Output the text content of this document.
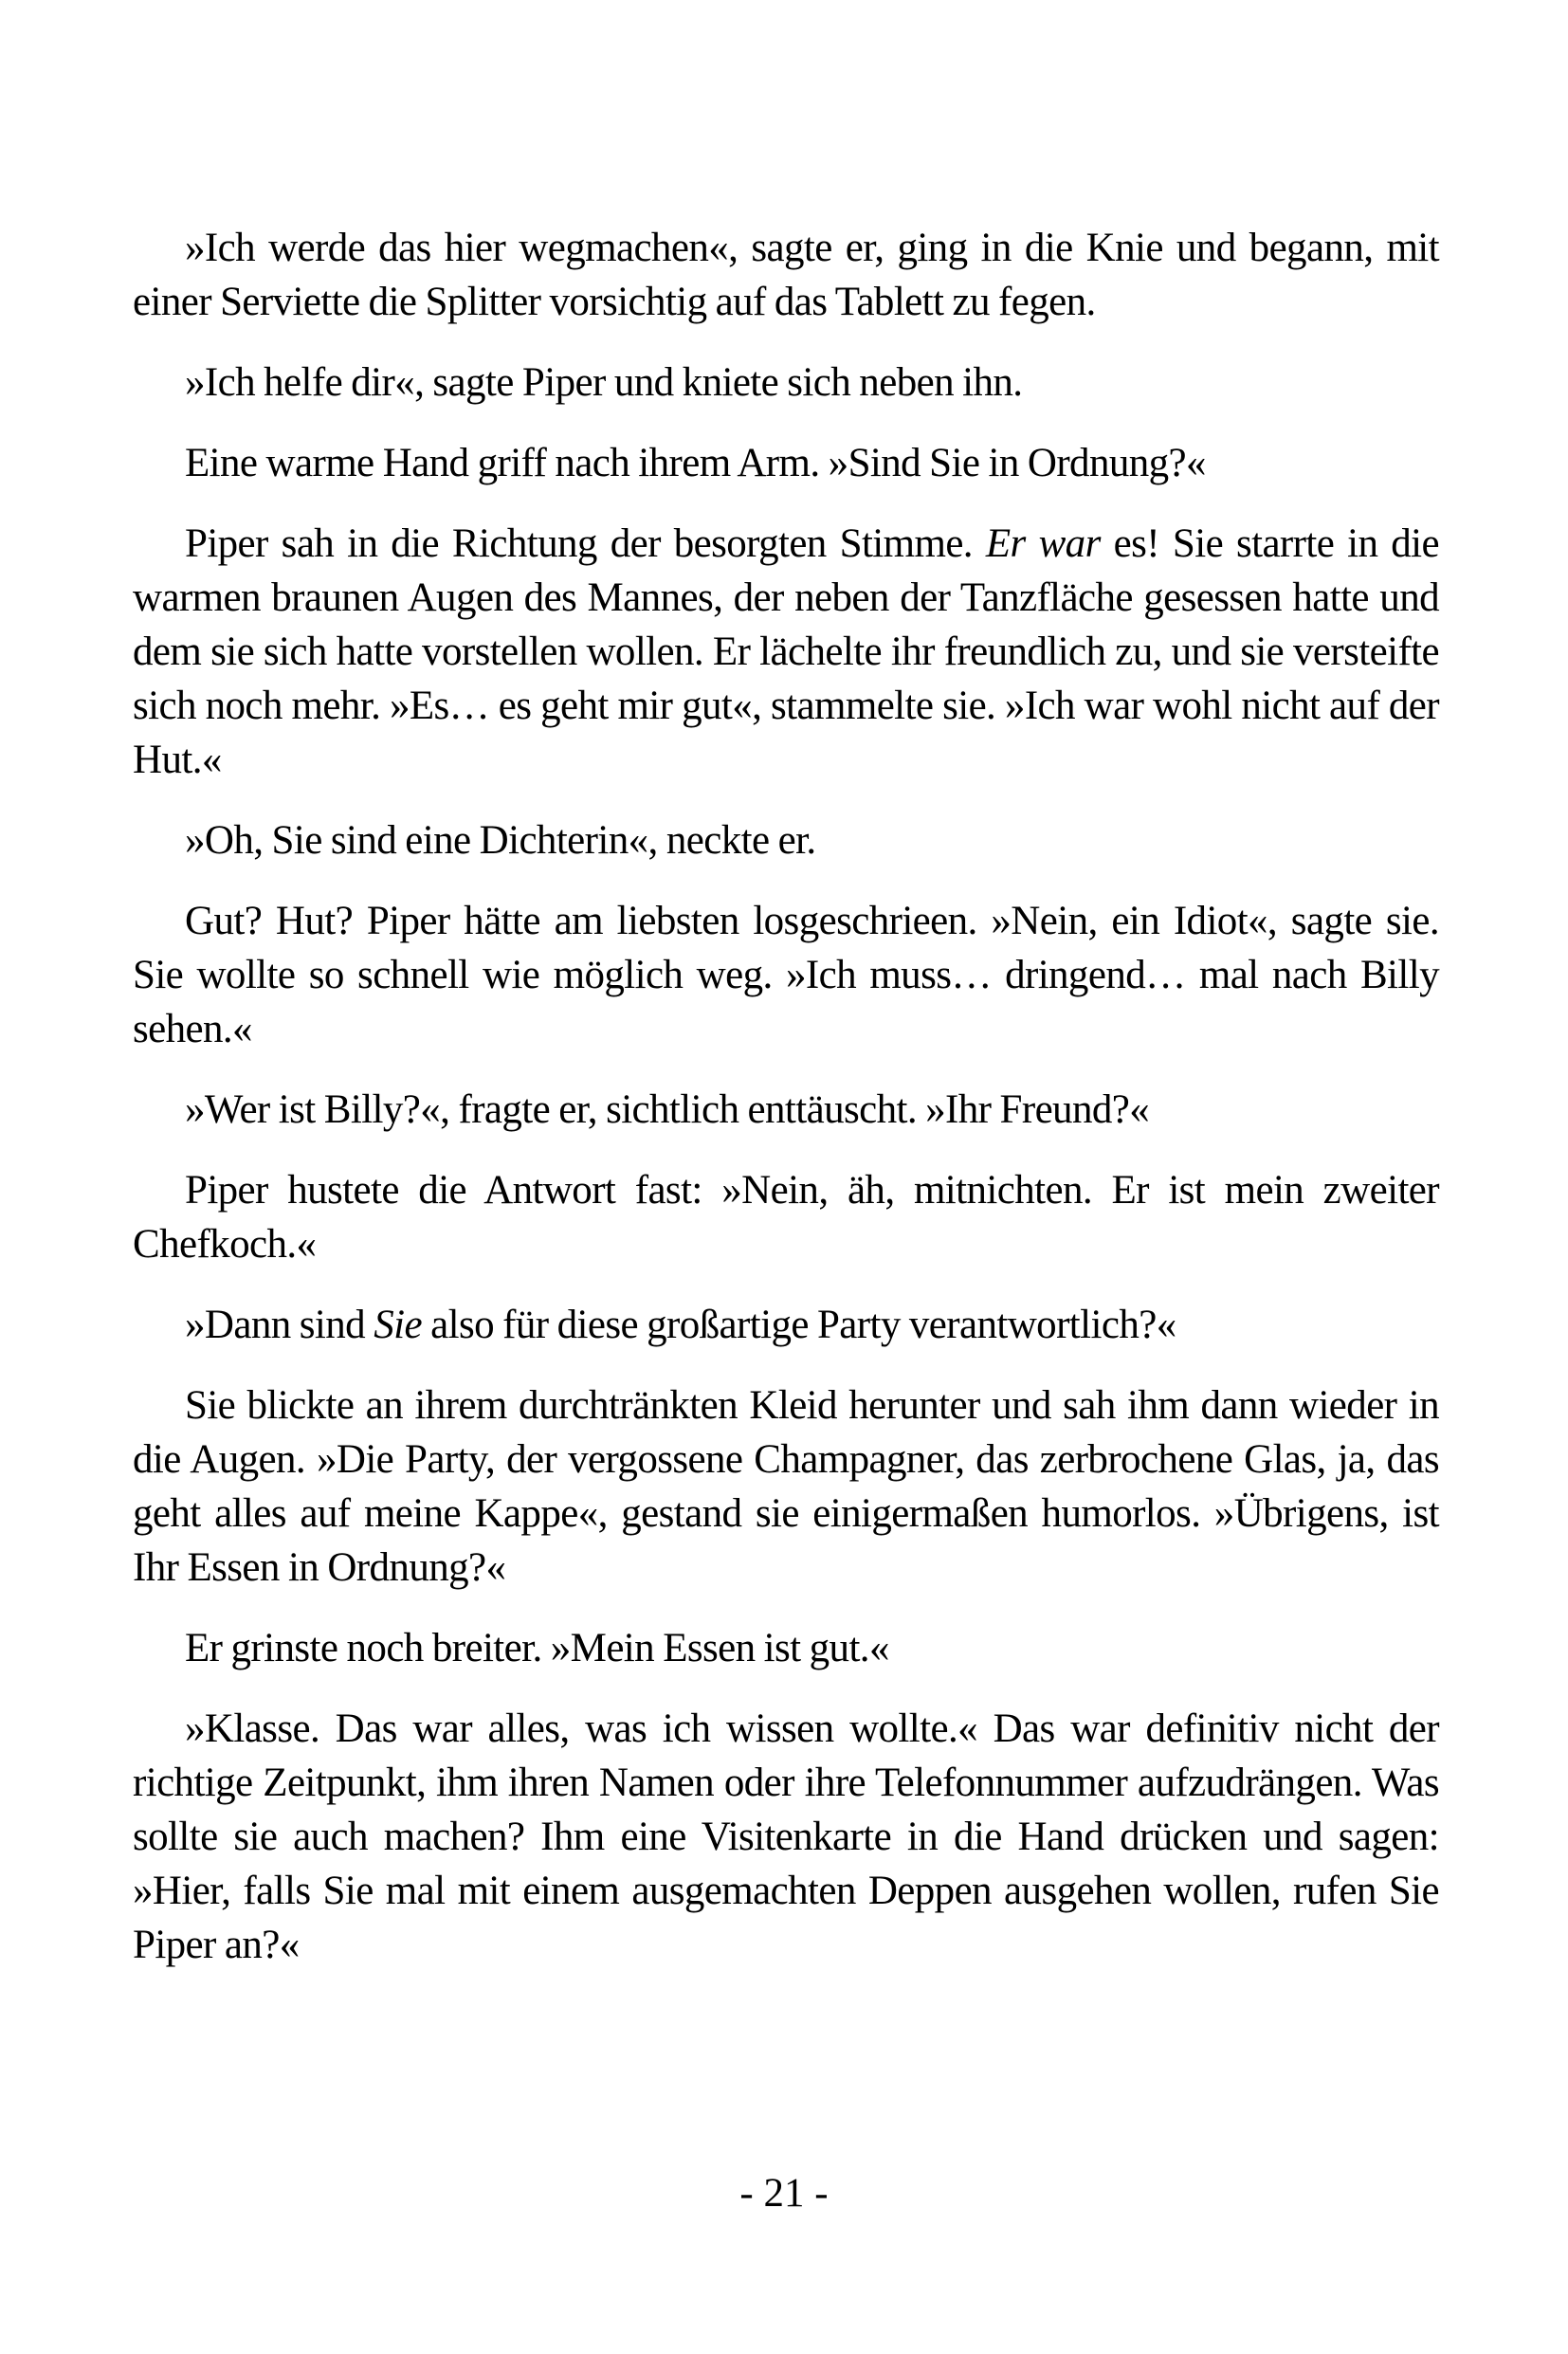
»Ich werde das hier wegmachen«, sagte er, ging in die Knie und begann, mit einer Serviette die Splitter vorsichtig auf das Tablett zu fegen.

»Ich helfe dir«, sagte Piper und kniete sich neben ihn.

Eine warme Hand griff nach ihrem Arm. »Sind Sie in Ordnung?«

Piper sah in die Richtung der besorgten Stimme. Er war es! Sie starrte in die warmen braunen Augen des Mannes, der neben der Tanzfläche gesessen hatte und dem sie sich hatte vorstellen wollen. Er lächelte ihr freundlich zu, und sie versteifte sich noch mehr. »Es… es geht mir gut«, stammelte sie. »Ich war wohl nicht auf der Hut.«

»Oh, Sie sind eine Dichterin«, neckte er.

Gut? Hut? Piper hätte am liebsten losgeschrieen. »Nein, ein Idiot«, sagte sie. Sie wollte so schnell wie möglich weg. »Ich muss… dringend… mal nach Billy sehen.«

»Wer ist Billy?«, fragte er, sichtlich enttäuscht. »Ihr Freund?«

Piper hustete die Antwort fast: »Nein, äh, mitnichten. Er ist mein zweiter Chefkoch.«

»Dann sind Sie also für diese großartige Party verantwortlich?«

Sie blickte an ihrem durchtränkten Kleid herunter und sah ihm dann wieder in die Augen. »Die Party, der vergossene Champagner, das zerbrochene Glas, ja, das geht alles auf meine Kappe«, gestand sie einigermaßen humorlos. »Übrigens, ist Ihr Essen in Ordnung?«

Er grinste noch breiter. »Mein Essen ist gut.«

»Klasse. Das war alles, was ich wissen wollte.« Das war definitiv nicht der richtige Zeitpunkt, ihm ihren Namen oder ihre Telefonnummer aufzudrängen. Was sollte sie auch machen? Ihm eine Visitenkarte in die Hand drücken und sagen: »Hier, falls Sie mal mit einem ausgemachten Deppen ausgehen wollen, rufen Sie Piper an?«

- 21 -
